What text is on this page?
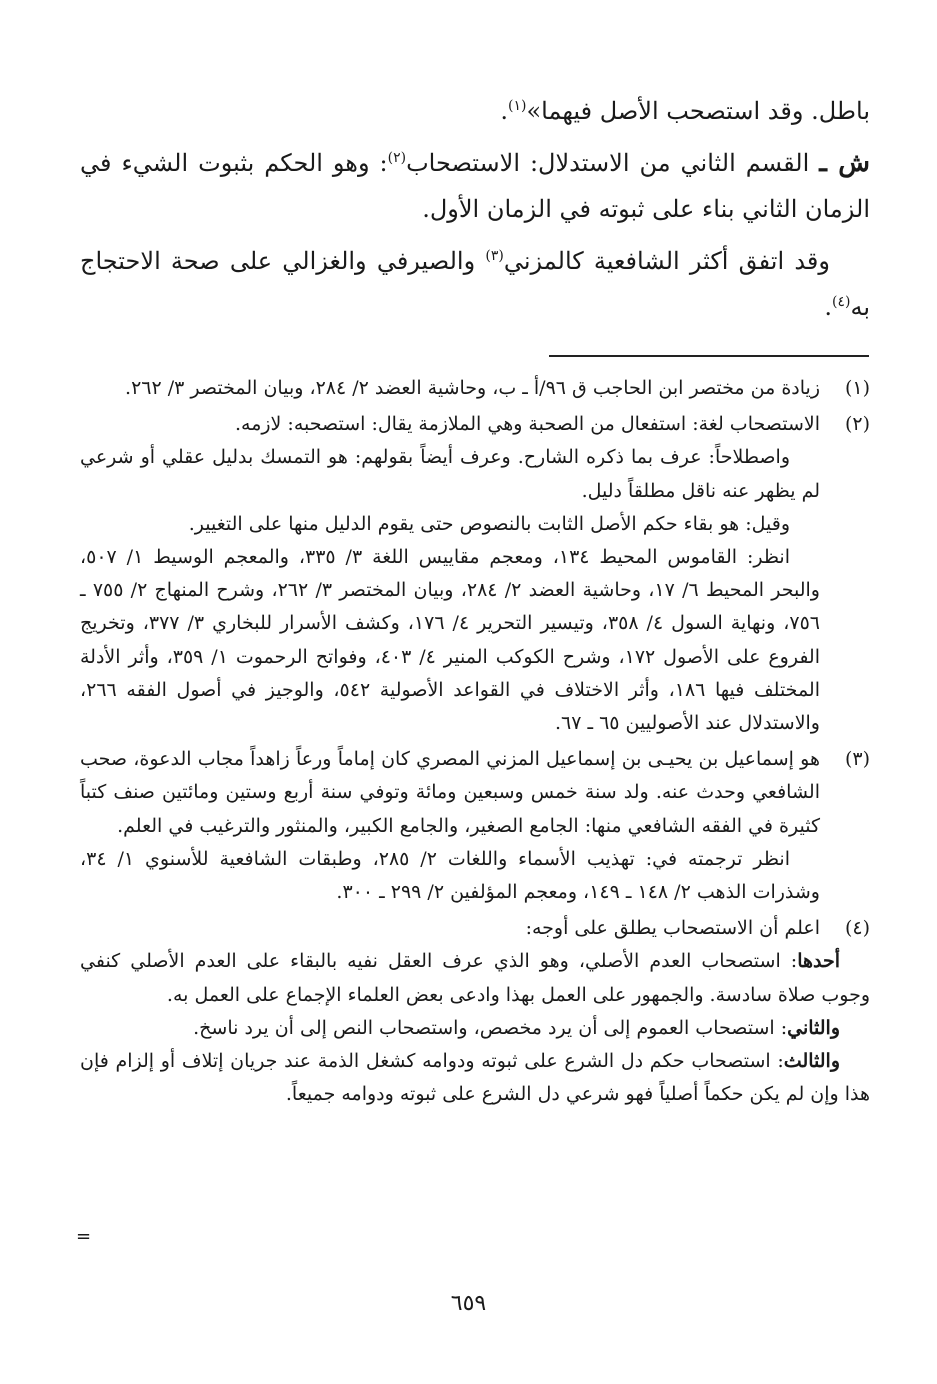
باطل. وقد استصحب الأصل فيهما»$^{(١)}$.

ش ـ القسم الثاني من الاستدلال: الاستصحاب$^{(٢)}$: وهو الحكم بثبوت الشيء في الزمان الثاني بناء على ثبوته في الزمان الأول.

وقد اتفق أكثر الشافعية كالمزني$^{(٣)}$ والصيرفي والغزالي على صحة الاحتجاج به$^{(٤)}$.

(١)

زيادة من مختصر ابن الحاجب ق ٩٦/أ ـ ب، وحاشية العضد ٢/ ٢٨٤، وبيان المختصر ٣/ ٢٦٢.

(٢)

الاستصحاب لغة: استفعال من الصحبة وهي الملازمة يقال: استصحبه: لازمه.

واصطلاحاً: عرف بما ذكره الشارح. وعرف أيضاً بقولهم: هو التمسك بدليل عقلي أو شرعي لم يظهر عنه ناقل مطلقاً دليل.

وقيل: هو بقاء حكم الأصل الثابت بالنصوص حتى يقوم الدليل منها على التغيير.

انظر: القاموس المحيط ١٣٤، ومعجم مقاييس اللغة ٣/ ٣٣٥، والمعجم الوسيط ١/ ٥٠٧، والبحر المحيط ٦/ ١٧، وحاشية العضد ٢/ ٢٨٤، وبيان المختصر ٣/ ٢٦٢، وشرح المنهاج ٢/ ٧٥٥ ـ ٧٥٦، ونهاية السول ٤/ ٣٥٨، وتيسير التحرير ٤/ ١٧٦، وكشف الأسرار للبخاري ٣/ ٣٧٧، وتخريج الفروع على الأصول ١٧٢، وشرح الكوكب المنير ٤/ ٤٠٣، وفواتح الرحموت ١/ ٣٥٩، وأثر الأدلة المختلف فيها ١٨٦، وأثر الاختلاف في القواعد الأصولية ٥٤٢، والوجيز في أصول الفقه ٢٦٦، والاستدلال عند الأصوليين ٦٥ ـ ٦٧.

(٣)

هو إسماعيل بن يحيـى بن إسماعيل المزني المصري كان إماماً ورعاً زاهداً مجاب الدعوة، صحب الشافعي وحدث عنه. ولد سنة خمس وسبعين ومائة وتوفي سنة أربع وستين ومائتين صنف كتباً كثيرة في الفقه الشافعي منها: الجامع الصغير، والجامع الكبير، والمنثور والترغيب في العلم.

انظر ترجمته في: تهذيب الأسماء واللغات ٢/ ٢٨٥، وطبقات الشافعية للأسنوي ١/ ٣٤، وشذرات الذهب ٢/ ١٤٨ ـ ١٤٩، ومعجم المؤلفين ٢/ ٢٩٩ ـ ٣٠٠.

(٤)

اعلم أن الاستصحاب يطلق على أوجه:

أحدها: استصحاب العدم الأصلي، وهو الذي عرف العقل نفيه بالبقاء على العدم الأصلي كنفي وجوب صلاة سادسة. والجمهور على العمل بهذا وادعى بعض العلماء الإجماع على العمل به.

والثاني: استصحاب العموم إلى أن يرد مخصص، واستصحاب النص إلى أن يرد ناسخ.

والثالث: استصحاب حكم دل الشرع على ثبوته ودوامه كشغل الذمة عند جريان إتلاف أو إلزام فإن هذا وإن لم يكن حكماً أصلياً فهو شرعي دل الشرع على ثبوته ودوامه جميعاً.

=
٦٥٩
